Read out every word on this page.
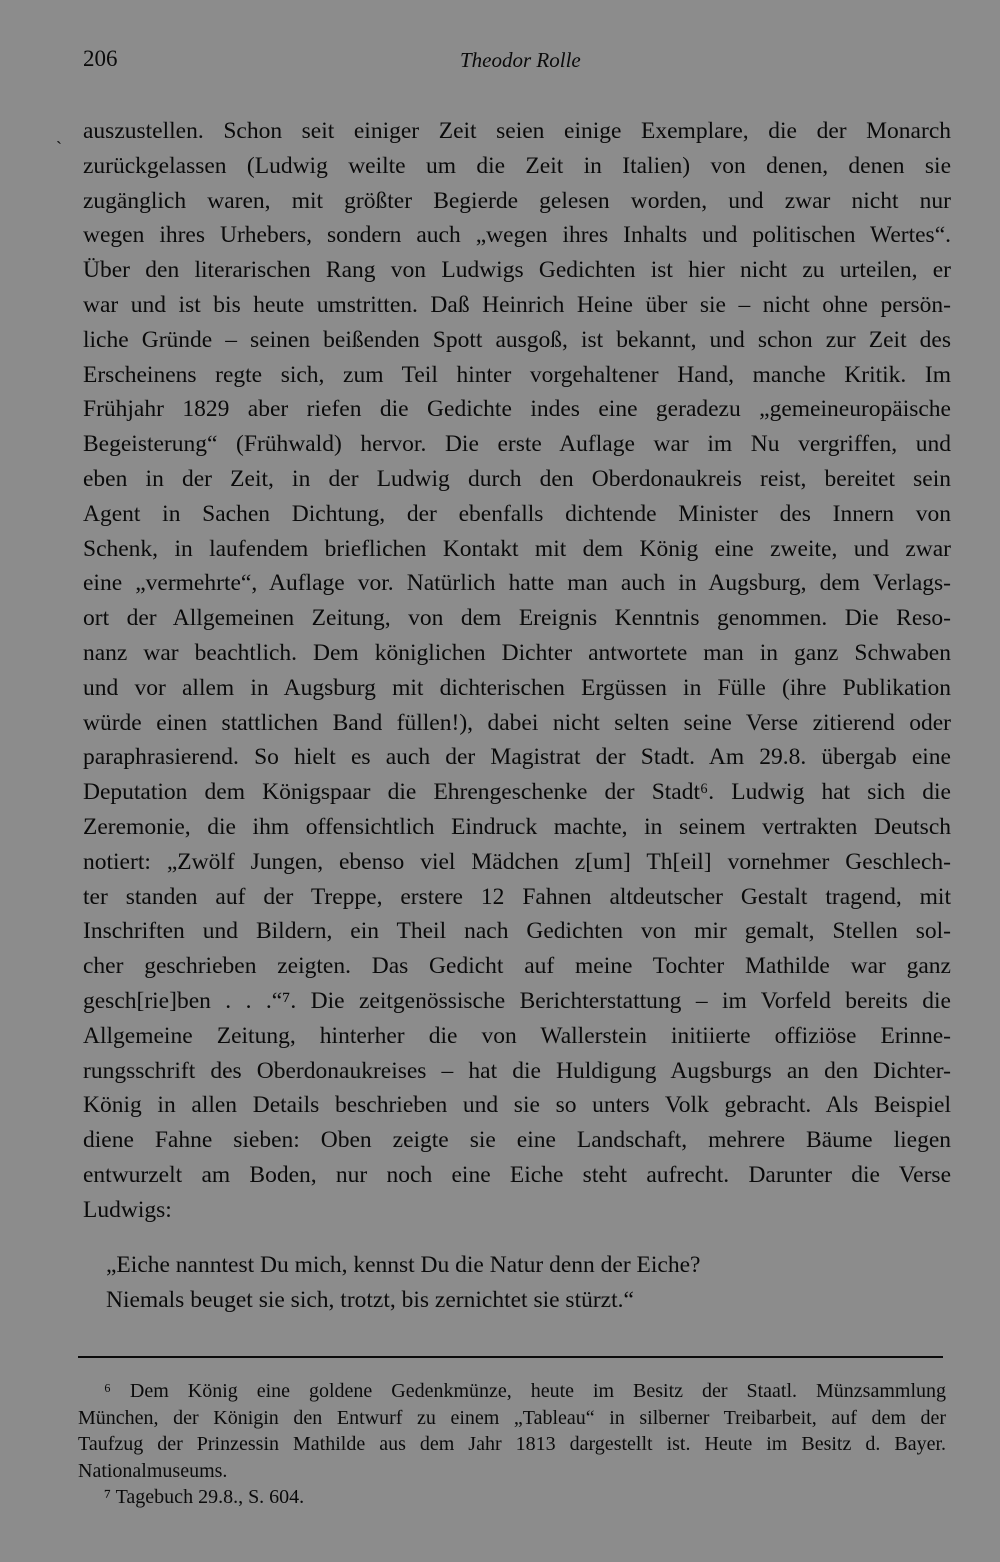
206	Theodor Rolle
ˎ auszustellen. Schon seit einiger Zeit seien einige Exemplare, die der Monarch
zurückgelassen (Ludwig weilte um die Zeit in Italien) von denen, denen sie
zugänglich waren, mit größter Begierde gelesen worden, und zwar nicht nur
wegen ihres Urhebers, sondern auch „wegen ihres Inhalts und politischen Wertes“.
Über den literarischen Rang von Ludwigs Gedichten ist hier nicht zu urteilen, er
war und ist bis heute umstritten. Daß Heinrich Heine über sie – nicht ohne persön-
liche Gründe – seinen beißenden Spott ausgoß, ist bekannt, und schon zur Zeit des
Erscheinens regte sich, zum Teil hinter vorgehaltener Hand, manche Kritik. Im
Frühjahr 1829 aber riefen die Gedichte indes eine geradezu „gemeineuropäische
Begeisterung“ (Frühwald) hervor. Die erste Auflage war im Nu vergriffen, und
eben in der Zeit, in der Ludwig durch den Oberdonaukreis reist, bereitet sein
Agent in Sachen Dichtung, der ebenfalls dichtende Minister des Innern von
Schenk, in laufendem brieflichen Kontakt mit dem König eine zweite, und zwar
eine „vermehrte“, Auflage vor. Natürlich hatte man auch in Augsburg, dem Verlags-
ort der Allgemeinen Zeitung, von dem Ereignis Kenntnis genommen. Die Reso-
nanz war beachtlich. Dem königlichen Dichter antwortete man in ganz Schwaben
und vor allem in Augsburg mit dichterischen Ergüssen in Fülle (ihre Publikation
würde einen stattlichen Band füllen!), dabei nicht selten seine Verse zitierend oder
paraphrasierend. So hielt es auch der Magistrat der Stadt. Am 29.8. übergab eine
Deputation dem Königspaar die Ehrengeschenke der Stadt⁶. Ludwig hat sich die
Zeremonie, die ihm offensichtlich Eindruck machte, in seinem vertrakten Deutsch
notiert: „Zwölf Jungen, ebenso viel Mädchen z[um] Th[eil] vornehmer Geschlech-
ter standen auf der Treppe, erstere 12 Fahnen altdeutscher Gestalt tragend, mit
Inschriften und Bildern, ein Theil nach Gedichten von mir gemalt, Stellen sol-
cher geschrieben zeigten. Das Gedicht auf meine Tochter Mathilde war ganz
gesch[rie]ben . . .“⁷. Die zeitgenössische Berichterstattung – im Vorfeld bereits die
Allgemeine Zeitung, hinterher die von Wallerstein initiierte offiziöse Erinne-
rungsschrift des Oberdonaukreises – hat die Huldigung Augsburgs an den Dichter-
König in allen Details beschrieben und sie so unters Volk gebracht. Als Beispiel
diene Fahne sieben: Oben zeigte sie eine Landschaft, mehrere Bäume liegen
entwurzelt am Boden, nur noch eine Eiche steht aufrecht. Darunter die Verse
Ludwigs:
„Eiche nanntest Du mich, kennst Du die Natur denn der Eiche?
Niemals beuget sie sich, trotzt, bis zernichtet sie stürzt.“
⁶ Dem König eine goldene Gedenkmünze, heute im Besitz der Staatl. Münzsammlung
München, der Königin den Entwurf zu einem „Tableau“ in silberner Treibarbeit, auf dem der
Taufzug der Prinzessin Mathilde aus dem Jahr 1813 dargestellt ist. Heute im Besitz d. Bayer.
Nationalmuseums.
⁷ Tagebuch 29.8., S. 604.
